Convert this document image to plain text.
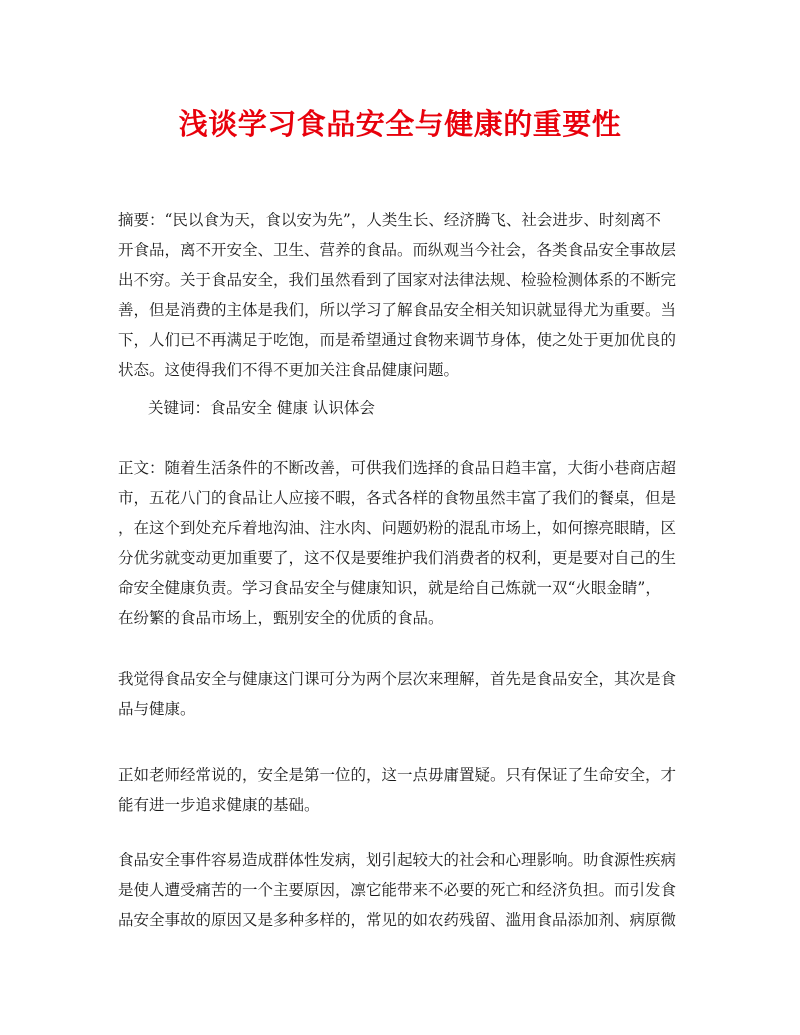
浅谈学习食品安全与健康的重要性

摘要：“民以食为天，食以安为先”，人类生长、经济腾飞、社会进步、时刻离不
开食品，离不开安全、卫生、营养的食品。而纵观当今社会，各类食品安全事故层
出不穷。关于食品安全，我们虽然看到了国家对法律法规、检验检测体系的不断完
善，但是消费的主体是我们，所以学习了解食品安全相关知识就显得尤为重要。当
下，人们已不再满足于吃饱，而是希望通过食物来调节身体，使之处于更加优良的
状态。这使得我们不得不更加关注食品健康问题。

关键词：食品安全 健康 认识体会

正文：随着生活条件的不断改善，可供我们选择的食品日趋丰富，大街小巷商店超
市，五花八门的食品让人应接不暇，各式各样的食物虽然丰富了我们的餐桌，但是
，在这个到处充斥着地沟油、注水肉、问题奶粉的混乱市场上，如何擦亮眼睛，区
分优劣就变动更加重要了，这不仅是要维护我们消费者的权利，更是要对自己的生
命安全健康负责。学习食品安全与健康知识，就是给自己炼就一双“火眼金睛”，
在纷繁的食品市场上，甄别安全的优质的食品。

我觉得食品安全与健康这门课可分为两个层次来理解，首先是食品安全，其次是食
品与健康。

正如老师经常说的，安全是第一位的，这一点毋庸置疑。只有保证了生命安全，才
能有进一步追求健康的基础。

食品安全事件容易造成群体性发病，划引起较大的社会和心理影响。㫑食源性疾病
是使人遭受痛苦的一个主要原因，凛它能带来不必要的死亡和经济负担。而引发食
品安全事故的原因又是多种多样的，常见的如农药残留、滥用食品添加剂、病原微
